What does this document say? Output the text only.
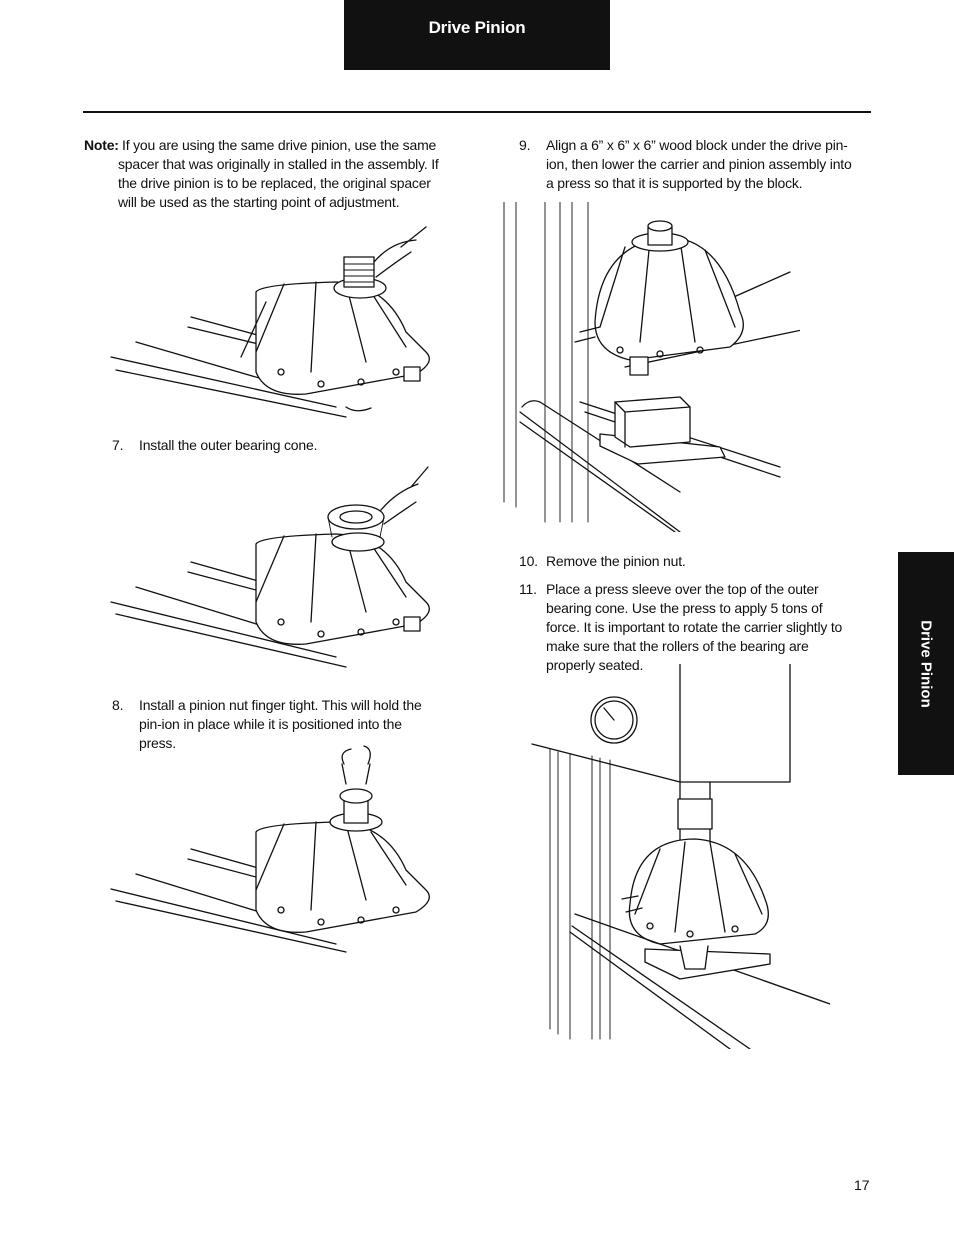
Drive Pinion
Drive Pinion
Note: If you are using the same drive pinion, use the same spacer that was originally in stalled in the assembly. If the drive pinion is to be replaced, the original spacer will be used as the starting point of adjustment.
7. Install the outer bearing cone.
8. Install a pinion nut finger tight. This will hold the pin-ion in place while it is positioned into the press.
9. Align a 6” x 6” x 6” wood block under the drive pin-ion, then lower the carrier and pinion assembly into a press so that it is supported by the block.
10. Remove the pinion nut.
11. Place a press sleeve over the top of the outer bearing cone. Use the press to apply 5 tons of force. It is important to rotate the carrier slightly to make sure that the rollers of the bearing are properly seated.
17
